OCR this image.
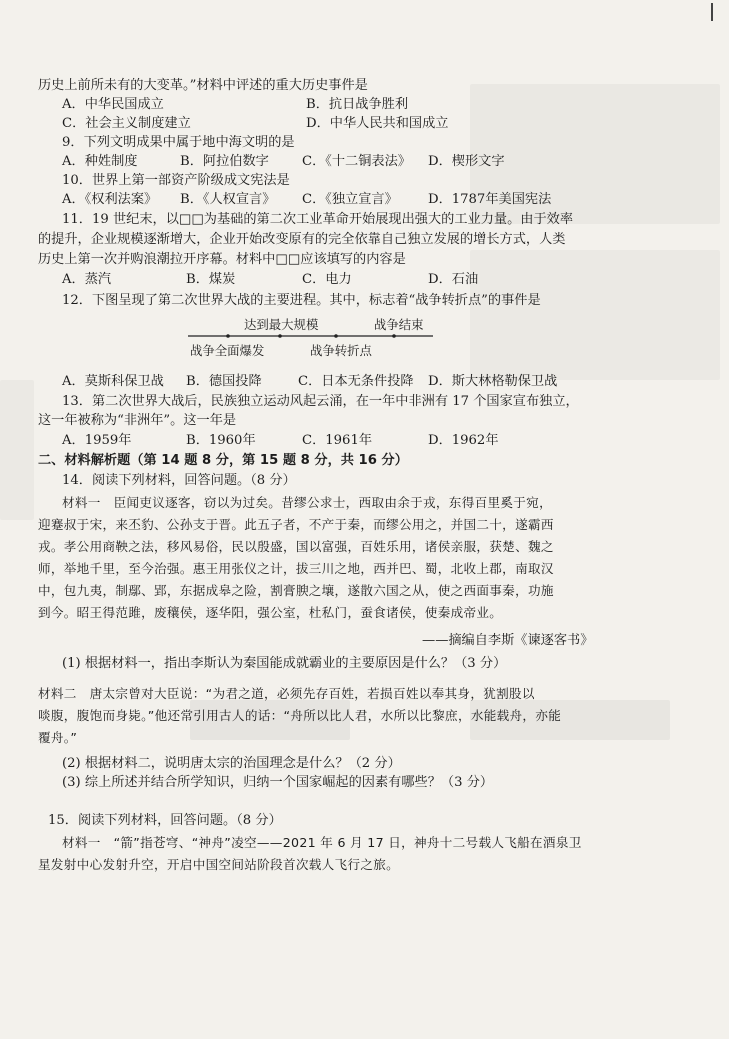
历史上前所未有的大变革。”材料中评述的重大历史事件是
A．中华民国成立	B．抗日战争胜利
C．社会主义制度建立	D．中华人民共和国成立
9．下列文明成果中属于地中海文明的是
A．种姓制度	B．阿拉伯数字	C．《十二铜表法》 D．楔形文字
10．世界上第一部资产阶级成文宪法是
A．《权利法案》 B．《人权宣言》 C．《独立宣言》 D．1787年美国宪法
11．19 世纪末，以□□为基础的第二次工业革命开始展现出强大的工业力量。由于效率
的提升，企业规模逐渐增大，企业开始改变原有的完全依靠自己独立发展的增长方式，人类
历史上第一次并购浪潮拉开序幕。材料中□□应该填写的内容是
A．蒸汽	B．煤炭	C．电力	D．石油
12．下图呈现了第二次世界大战的主要进程。其中，标志着“战争转折点”的事件是
达到最大规模	战争结束
战争全面爆发	战争转折点
A．莫斯科保卫战 B．德国投降	C．日本无条件投降 D．斯大林格勒保卫战
13．第二次世界大战后，民族独立运动风起云涌，在一年中非洲有 17 个国家宣布独立，
这一年被称为“非洲年”。这一年是
A．1959年	B．1960年	C．1961年	D．1962年
二、材料解析题（第 14 题 8 分，第 15 题 8 分，共 16 分）
14．阅读下列材料，回答问题。（8 分）
材料一　臣闻吏议逐客，窃以为过矣。昔缪公求士，西取由余于戎，东得百里奚于宛，
迎蹇叔于宋，来丕豹、公孙支于晋。此五子者，不产于秦，而缪公用之，并国二十，遂霸西
戎。孝公用商鞅之法，移风易俗，民以殷盛，国以富强，百姓乐用，诸侯亲服，获楚、魏之
师，举地千里，至今治强。惠王用张仪之计，拔三川之地，西并巴、蜀，北收上郡，南取汉
中，包九夷，制鄢、郢，东据成皋之险，割膏腴之壤，遂散六国之从，使之西面事秦，功施
到今。昭王得范雎，废穰侯，逐华阳，强公室，杜私门，蚕食诸侯，使秦成帝业。
——摘编自李斯《谏逐客书》
(1) 根据材料一，指出李斯认为秦国能成就霸业的主要原因是什么？（3 分）
材料二　唐太宗曾对大臣说：“为君之道，必须先存百姓，若损百姓以奉其身，犹割股以
啖腹，腹饱而身毙。”他还常引用古人的话：“舟所以比人君，水所以比黎庶，水能载舟，亦能
覆舟。”
(2) 根据材料二，说明唐太宗的治国理念是什么？（2 分）
(3) 综上所述并结合所学知识，归纳一个国家崛起的因素有哪些？（3 分）
15．阅读下列材料，回答问题。（8 分）
材料一　“箭”指苍穹、“神舟”凌空——2021 年 6 月 17 日，神舟十二号载人飞船在酒泉卫
星发射中心发射升空，开启中国空间站阶段首次载人飞行之旅。
